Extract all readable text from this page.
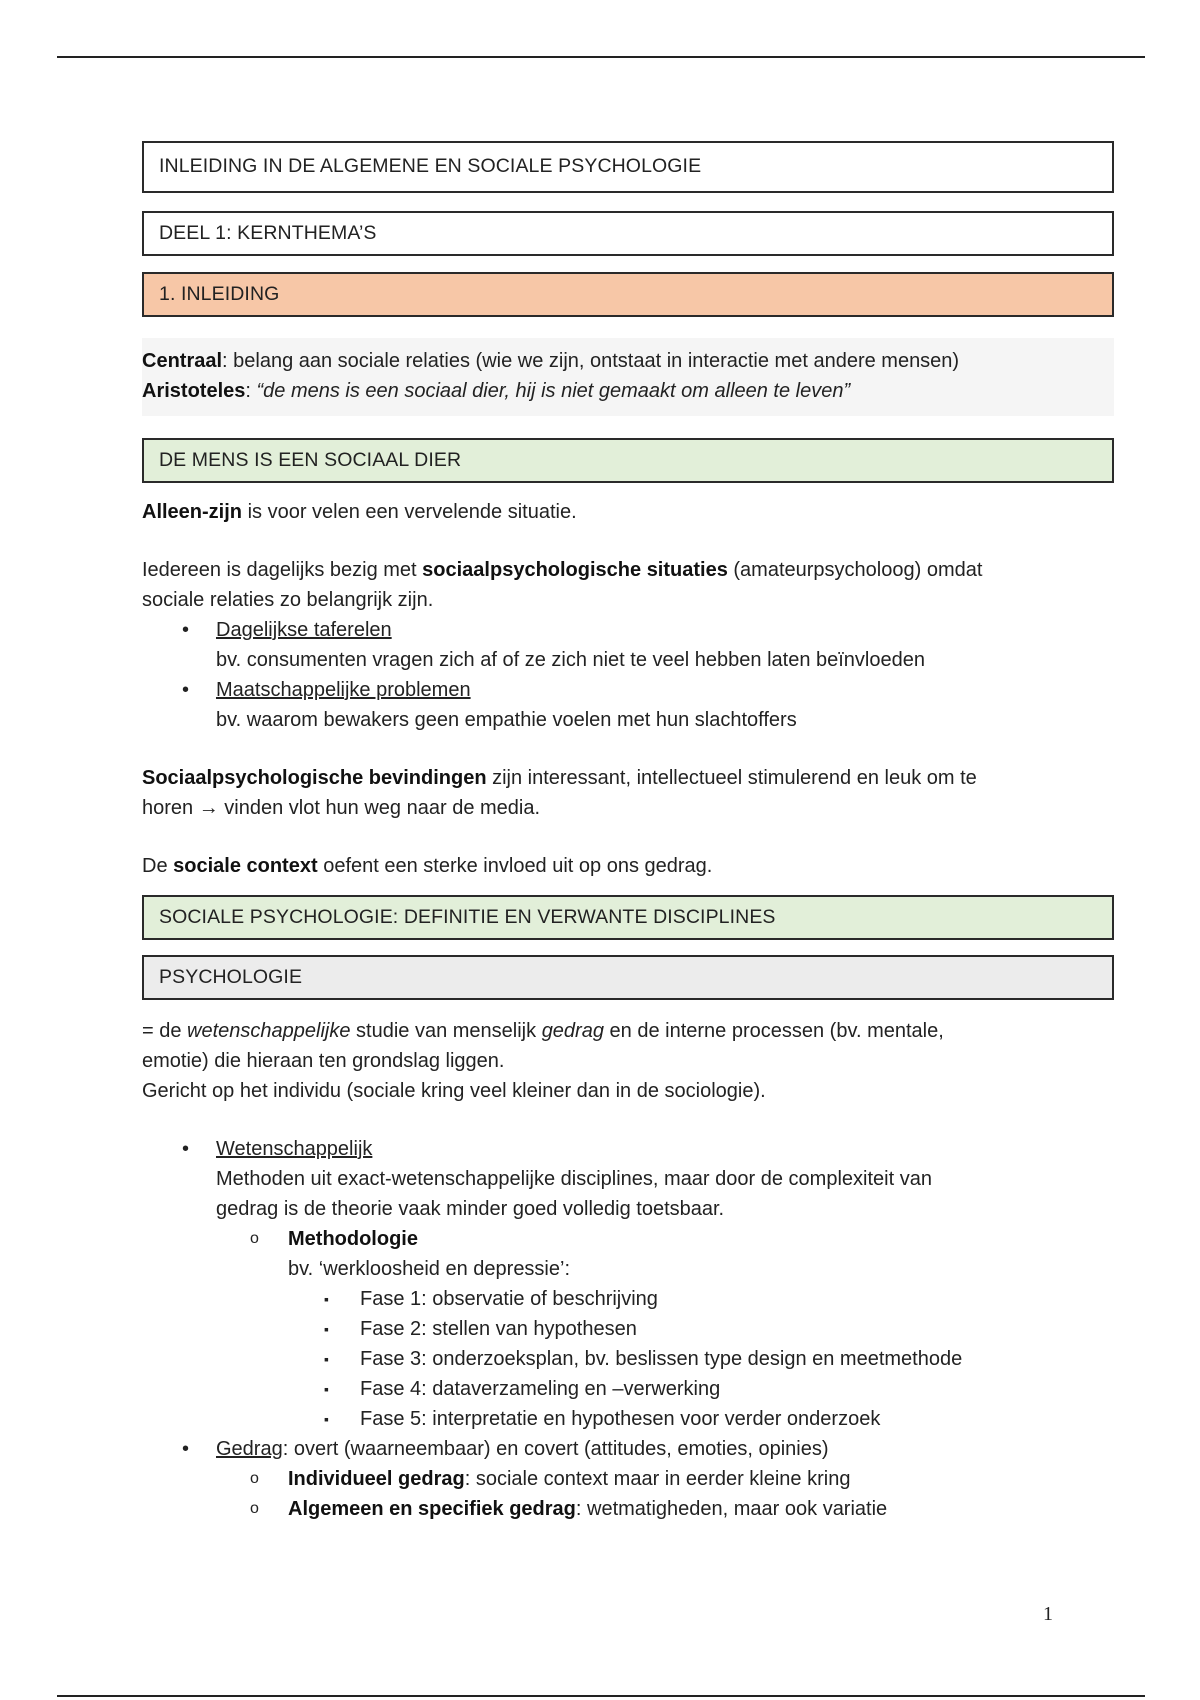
INLEIDING IN DE ALGEMENE EN SOCIALE PSYCHOLOGIE
DEEL 1: KERNTHEMA’S
1. INLEIDING

Centraal: belang aan sociale relaties (wie we zijn, ontstaat in interactie met andere mensen)

Aristoteles: “de mens is een sociaal dier, hij is niet gemaakt om alleen te leven”

DE MENS IS EEN SOCIAAL DIER

Alleen-zijn is voor velen een vervelende situatie.

Iedereen is dagelijks bezig met sociaalpsychologische situaties (amateurpsycholoog) omdat

sociale relaties zo belangrijk zijn.

• Dagelijkse taferelen
bv. consumenten vragen zich af of ze zich niet te veel hebben laten beïnvloeden
• Maatschappelijke problemen
bv. waarom bewakers geen empathie voelen met hun slachtoffers

Sociaalpsychologische bevindingen zijn interessant, intellectueel stimulerend en leuk om te

horen → vinden vlot hun weg naar de media.

De sociale context oefent een sterke invloed uit op ons gedrag.

SOCIALE PSYCHOLOGIE: DEFINITIE EN VERWANTE DISCIPLINES
PSYCHOLOGIE

= de wetenschappelijke studie van menselijk gedrag en de interne processen (bv. mentale,

emotie) die hieraan ten grondslag liggen.

Gericht op het individu (sociale kring veel kleiner dan in de sociologie).

• Wetenschappelijk
Methoden uit exact-wetenschappelijke disciplines, maar door de complexiteit van
gedrag is de theorie vaak minder goed volledig toetsbaar.
o Methodologie
bv. ‘werkloosheid en depressie’:
▪ Fase 1: observatie of beschrijving
▪ Fase 2: stellen van hypothesen
▪ Fase 3: onderzoeksplan, bv. beslissen type design en meetmethode
▪ Fase 4: dataverzameling en –verwerking
▪ Fase 5: interpretatie en hypothesen voor verder onderzoek
• Gedrag: overt (waarneembaar) en covert (attitudes, emoties, opinies)
o Individueel gedrag: sociale context maar in eerder kleine kring
o Algemeen en specifiek gedrag: wetmatigheden, maar ook variatie
1
